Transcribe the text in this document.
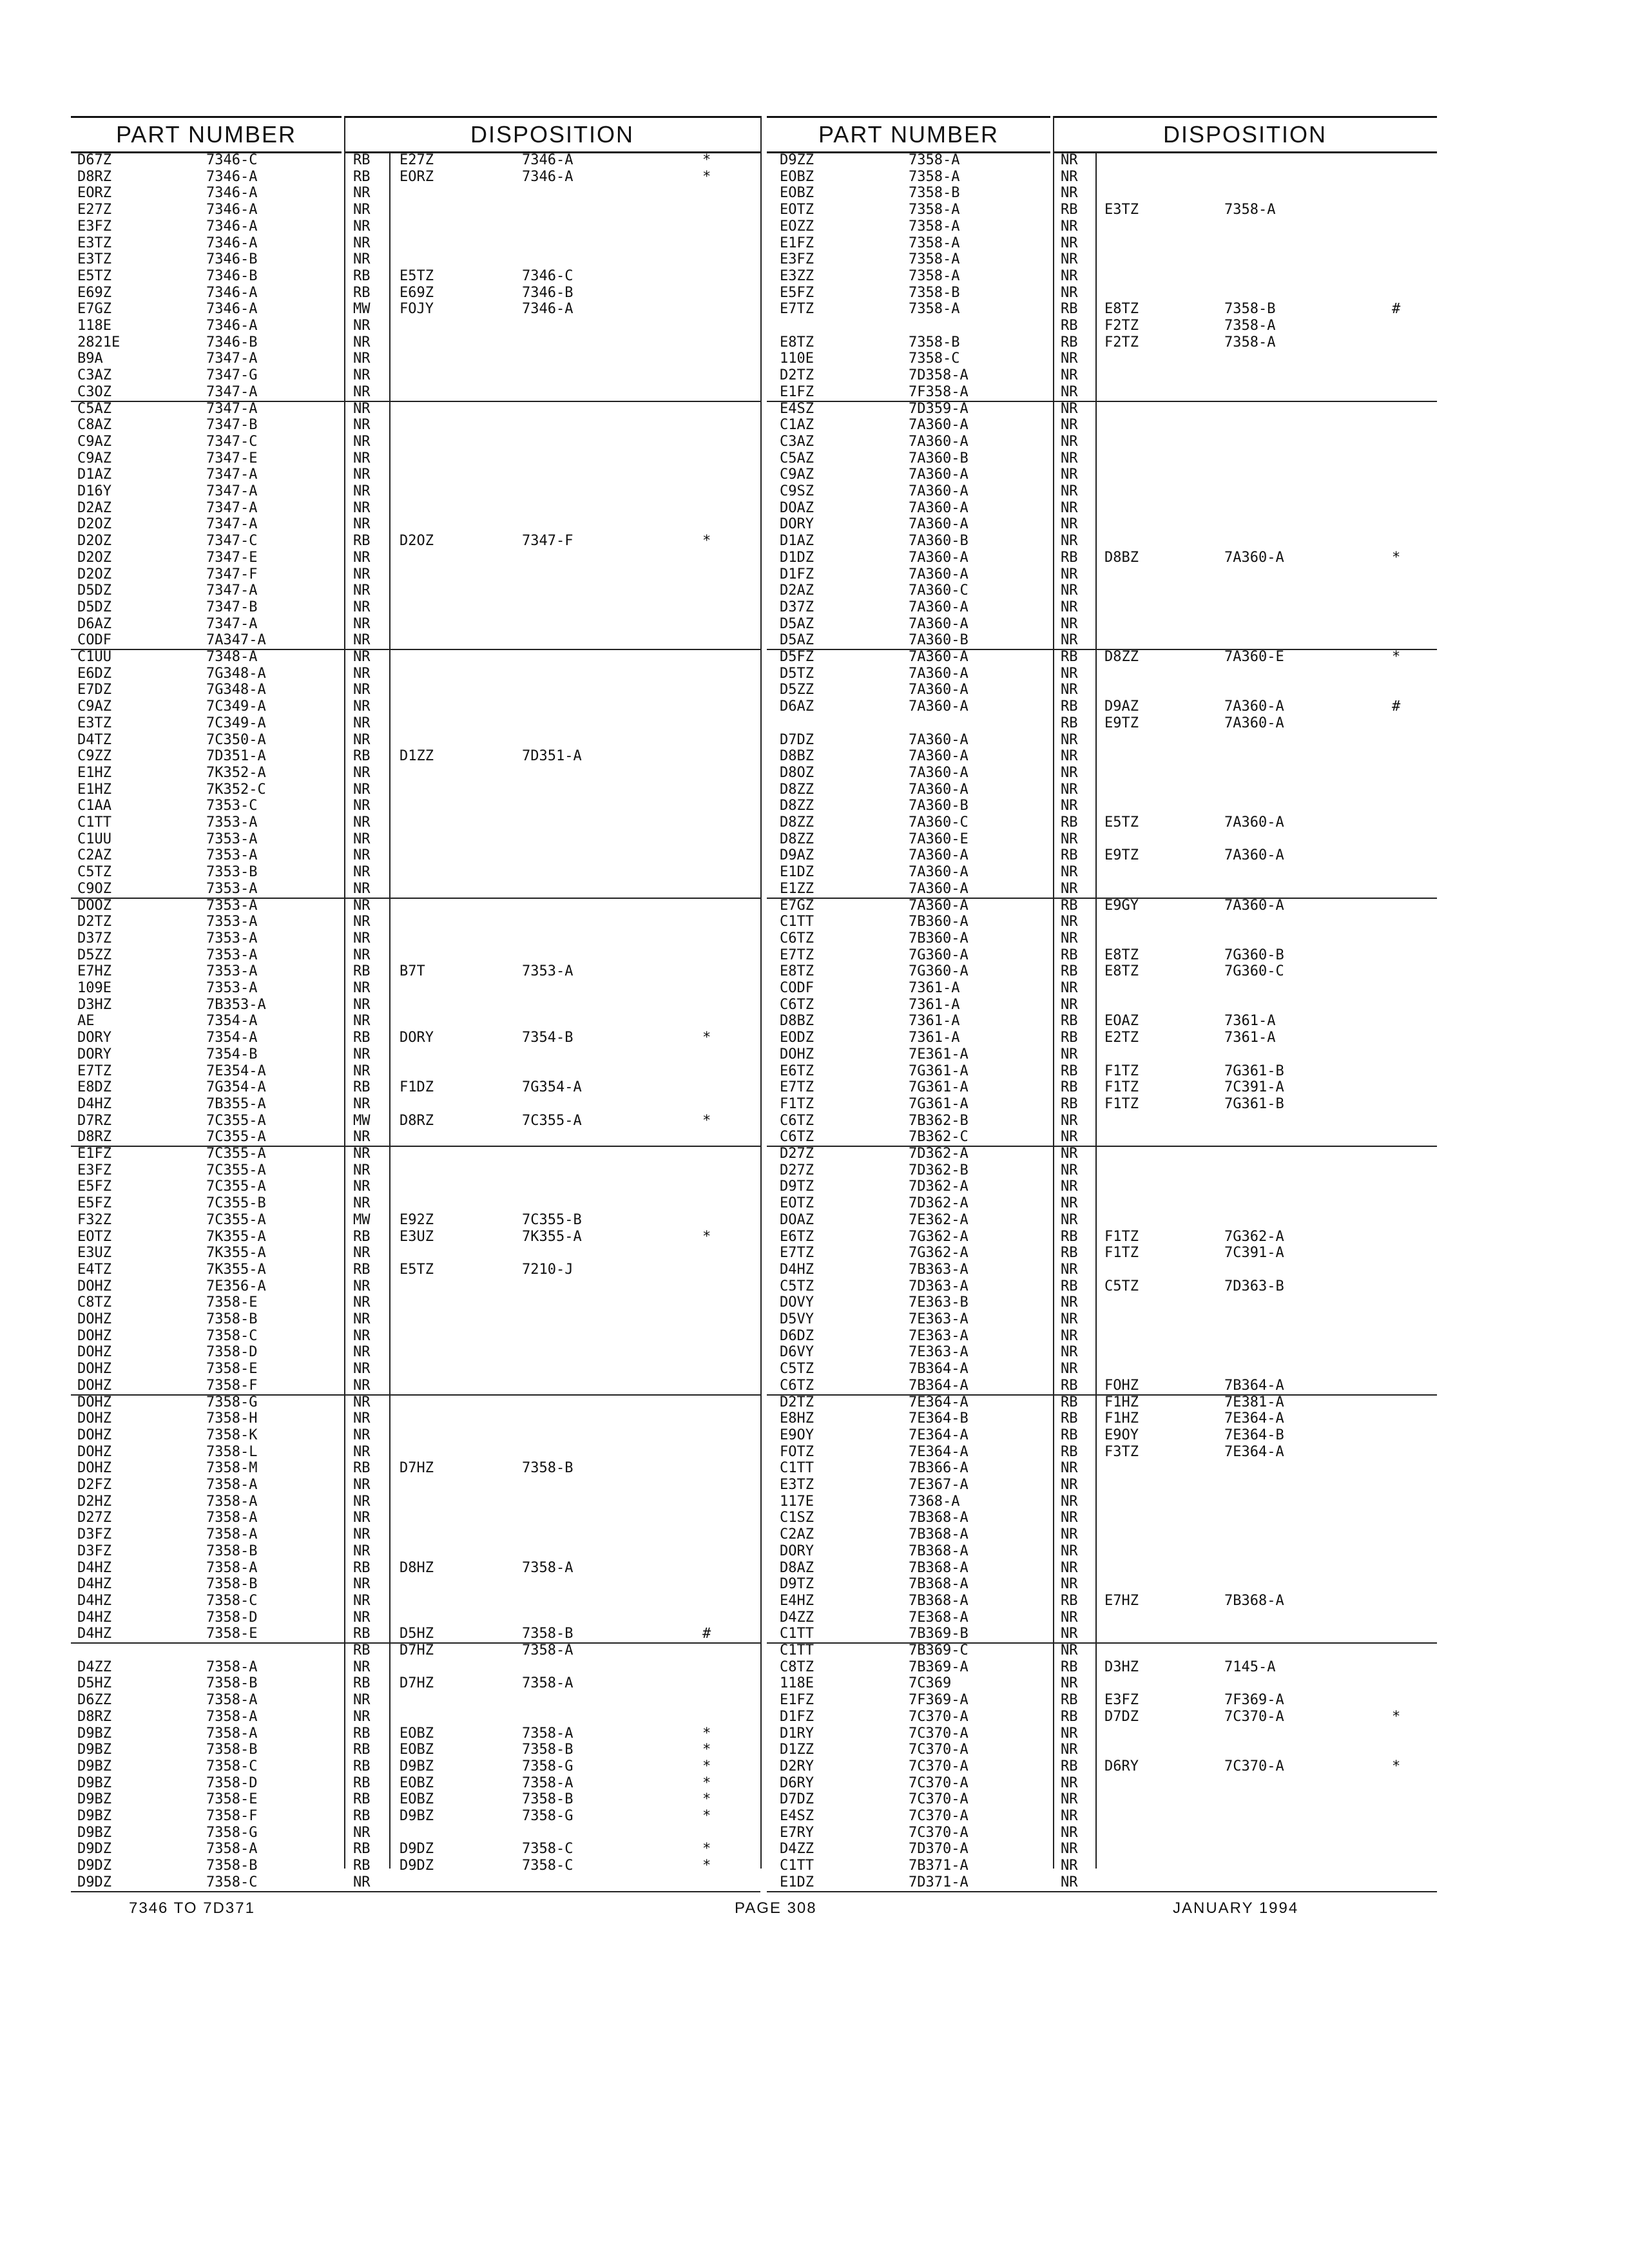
PART NUMBER	DISPOSITION
D67Z	7346-C	RB E27Z	7346-A	*
D8RZ	7346-A	RB EORZ	7346-A	*
EORZ	7346-A	NR
E27Z	7346-A	NR
E3FZ	7346-A	NR
E3TZ	7346-A	NR
E3TZ	7346-B	NR
E5TZ	7346-B	RB E5TZ	7346-C
E69Z	7346-A	RB E69Z	7346-B
E7GZ	7346-A	MW FOJY	7346-A
118E	7346-A	NR
2821E	7346-B	NR
B9A	7347-A	NR
C3AZ	7347-G	NR
C3OZ	7347-A	NR
C5AZ	7347-A	NR
C8AZ	7347-B	NR
C9AZ	7347-C	NR
C9AZ	7347-E	NR
D1AZ	7347-A	NR
D16Y	7347-A	NR
D2AZ	7347-A	NR
D2OZ	7347-A	NR
D2OZ	7347-C	RB D2OZ	7347-F	*
D2OZ	7347-E	NR
D2OZ	7347-F	NR
D5DZ	7347-A	NR
D5DZ	7347-B	NR
D6AZ	7347-A	NR
CODF	7A347-A	NR
C1UU	7348-A	NR
E6DZ	7G348-A	NR
E7DZ	7G348-A	NR
C9AZ	7C349-A	NR
E3TZ	7C349-A	NR
D4TZ	7C350-A	NR
C9ZZ	7D351-A	RB D1ZZ	7D351-A
E1HZ	7K352-A	NR
E1HZ	7K352-C	NR
C1AA	7353-C	NR
C1TT	7353-A	NR
C1UU	7353-A	NR
C2AZ	7353-A	NR
C5TZ	7353-B	NR
C9OZ	7353-A	NR
DOOZ	7353-A	NR
D2TZ	7353-A	NR
D37Z	7353-A	NR
D5ZZ	7353-A	NR
E7HZ	7353-A	RB B7T	7353-A
109E	7353-A	NR
D3HZ	7B353-A	NR
AE	7354-A	NR
DORY	7354-A	RB DORY	7354-B	*
DORY	7354-B	NR
E7TZ	7E354-A	NR
E8DZ	7G354-A	RB F1DZ	7G354-A
D4HZ	7B355-A	NR
D7RZ	7C355-A	MW D8RZ	7C355-A	*
D8RZ	7C355-A	NR
E1FZ	7C355-A	NR
E3FZ	7C355-A	NR
E5FZ	7C355-A	NR
E5FZ	7C355-B	NR
F32Z	7C355-A	MW E92Z	7C355-B
EOTZ	7K355-A	RB E3UZ	7K355-A	*
E3UZ	7K355-A	NR
E4TZ	7K355-A	RB E5TZ	7210-J
DOHZ	7E356-A	NR
C8TZ	7358-E	NR
DOHZ	7358-B	NR
DOHZ	7358-C	NR
DOHZ	7358-D	NR
DOHZ	7358-E	NR
DOHZ	7358-F	NR
DOHZ	7358-G	NR
DOHZ	7358-H	NR
DOHZ	7358-K	NR
DOHZ	7358-L	NR
DOHZ	7358-M	RB D7HZ	7358-B
D2FZ	7358-A	NR
D2HZ	7358-A	NR
D27Z	7358-A	NR
D3FZ	7358-A	NR
D3FZ	7358-B	NR
D4HZ	7358-A	RB D8HZ	7358-A
D4HZ	7358-B	NR
D4HZ	7358-C	NR
D4HZ	7358-D	NR
D4HZ	7358-E	RB D5HZ	7358-B	#
RB D7HZ	7358-A
D4ZZ	7358-A	NR
D5HZ	7358-B	RB D7HZ	7358-A
D6ZZ	7358-A	NR
D8RZ	7358-A	NR
D9BZ	7358-A	RB EOBZ	7358-A	*
D9BZ	7358-B	RB EOBZ	7358-B	*
D9BZ	7358-C	RB D9BZ	7358-G	*
D9BZ	7358-D	RB EOBZ	7358-A	*
D9BZ	7358-E	RB EOBZ	7358-B	*
D9BZ	7358-F	RB D9BZ	7358-G	*
D9BZ	7358-G	NR
D9DZ	7358-A	RB D9DZ	7358-C	*
D9DZ	7358-B	RB D9DZ	7358-C	*
D9DZ	7358-C	NR
PART NUMBER	DISPOSITION
D9ZZ	7358-A	NR
EOBZ	7358-A	NR
EOBZ	7358-B	NR
EOTZ	7358-A	RB E3TZ	7358-A
EOZZ	7358-A	NR
E1FZ	7358-A	NR
E3FZ	7358-A	NR
E3ZZ	7358-A	NR
E5FZ	7358-B	NR
E7TZ	7358-A	RB E8TZ	7358-B	#
RB F2TZ	7358-A
E8TZ	7358-B	RB F2TZ	7358-A
110E	7358-C	NR
D2TZ	7D358-A	NR
E1FZ	7F358-A	NR
E4SZ	7D359-A	NR
C1AZ	7A360-A	NR
C3AZ	7A360-A	NR
C5AZ	7A360-B	NR
C9AZ	7A360-A	NR
C9SZ	7A360-A	NR
DOAZ	7A360-A	NR
DORY	7A360-A	NR
D1AZ	7A360-B	NR
D1DZ	7A360-A	RB D8BZ	7A360-A	*
D1FZ	7A360-A	NR
D2AZ	7A360-C	NR
D37Z	7A360-A	NR
D5AZ	7A360-A	NR
D5AZ	7A360-B	NR
D5FZ	7A360-A	RB D8ZZ	7A360-E	*
D5TZ	7A360-A	NR
D5ZZ	7A360-A	NR
D6AZ	7A360-A	RB D9AZ	7A360-A	#
RB E9TZ	7A360-A
D7DZ	7A360-A	NR
D8BZ	7A360-A	NR
D8OZ	7A360-A	NR
D8ZZ	7A360-A	NR
D8ZZ	7A360-B	NR
D8ZZ	7A360-C	RB E5TZ	7A360-A
D8ZZ	7A360-E	NR
D9AZ	7A360-A	RB E9TZ	7A360-A
E1DZ	7A360-A	NR
E1ZZ	7A360-A	NR
E7GZ	7A360-A	RB E9GY	7A360-A
C1TT	7B360-A	NR
C6TZ	7B360-A	NR
E7TZ	7G360-A	RB E8TZ	7G360-B
E8TZ	7G360-A	RB E8TZ	7G360-C
CODF	7361-A	NR
C6TZ	7361-A	NR
D8BZ	7361-A	RB EOAZ	7361-A
EODZ	7361-A	RB E2TZ	7361-A
DOHZ	7E361-A	NR
E6TZ	7G361-A	RB F1TZ	7G361-B
E7TZ	7G361-A	RB F1TZ	7C391-A
F1TZ	7G361-A	RB F1TZ	7G361-B
C6TZ	7B362-B	NR
C6TZ	7B362-C	NR
D27Z	7D362-A	NR
D27Z	7D362-B	NR
D9TZ	7D362-A	NR
EOTZ	7D362-A	NR
DOAZ	7E362-A	NR
E6TZ	7G362-A	RB F1TZ	7G362-A
E7TZ	7G362-A	RB F1TZ	7C391-A
D4HZ	7B363-A	NR
C5TZ	7D363-A	RB C5TZ	7D363-B
DOVY	7E363-B	NR
D5VY	7E363-A	NR
D6DZ	7E363-A	NR
D6VY	7E363-A	NR
C5TZ	7B364-A	NR
C6TZ	7B364-A	RB FOHZ	7B364-A
D2TZ	7E364-A	RB F1HZ	7E381-A
E8HZ	7E364-B	RB F1HZ	7E364-A
E9OY	7E364-A	RB E9OY	7E364-B
FOTZ	7E364-A	RB F3TZ	7E364-A
C1TT	7B366-A	NR
E3TZ	7E367-A	NR
117E	7368-A	NR
C1SZ	7B368-A	NR
C2AZ	7B368-A	NR
DORY	7B368-A	NR
D8AZ	7B368-A	NR
D9TZ	7B368-A	NR
E4HZ	7B368-A	RB E7HZ	7B368-A
D4ZZ	7E368-A	NR
C1TT	7B369-B	NR
C1TT	7B369-C	NR
C8TZ	7B369-A	RB D3HZ	7145-A
118E	7C369	NR
E1FZ	7F369-A	RB E3FZ	7F369-A
D1FZ	7C370-A	RB D7DZ	7C370-A	*
D1RY	7C370-A	NR
D1ZZ	7C370-A	NR
D2RY	7C370-A	RB D6RY	7C370-A	*
D6RY	7C370-A	NR
D7DZ	7C370-A	NR
E4SZ	7C370-A	NR
E7RY	7C370-A	NR
D4ZZ	7D370-A	NR
C1TT	7B371-A	NR
E1DZ	7D371-A	NR
7346 TO 7D371	PAGE 308	JANUARY 1994
